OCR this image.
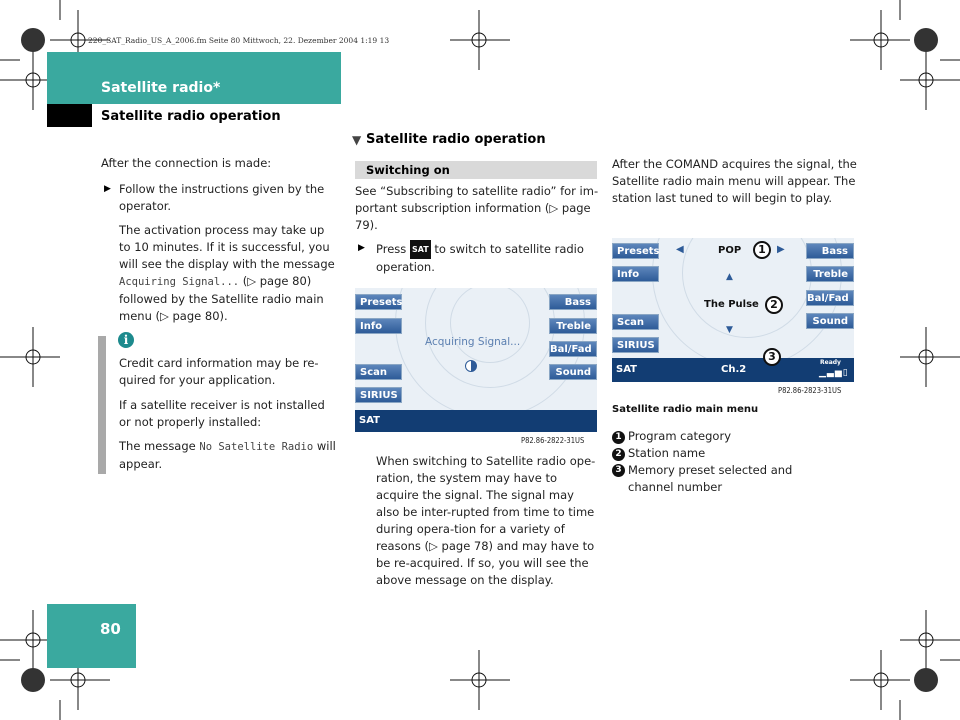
220_SAT_Radio_US_A_2006.fm Seite 80 Mittwoch, 22. Dezember 2004 1:19 13
Satellite radio*
Satellite radio operation
After the connection is made:
▶ Follow the instructions given by the operator.
The activation process may take up to 10 minutes. If it is successful, you will see the display with the message Acquiring Signal... (▷ page 80) followed by the Satellite radio main menu (▷ page 80).
i
Credit card information may be re-quired for your application.
If a satellite receiver is not installed or not properly installed:
The message No Satellite Radio will appear.
▼ Satellite radio operation
Switching on
See “Subscribing to satellite radio” for im-portant subscription information (▷ page 79).
▶ Press SAT to switch to satellite radio operation.
Presets
Info
Scan
SIRIUS
Bass
Treble
Bal/Fad
Sound
Acquiring Signal...
SAT
P82.86-2822-31US
When switching to Satellite radio ope-ration, the system may have to acquire the signal. The signal may also be inter-rupted from time to time during opera-tion for a variety of reasons (▷ page 78) and may have to be re-acquired. If so, you will see the above message on the display.
After the COMAND acquires the signal, the Satellite radio main menu will appear. The station last tuned to will begin to play.
Presets
Info
Scan
SIRIUS
Bass
Treble
Bal/Fad
Sound
◀	POP	▶
▲
The Pulse
▼
1
2
3
SAT	Ch.2
Ready
▁▃▅▯
P82.86-2823-31US
Satellite radio main menu
1 Program category
2 Station name
3 Memory preset selected and channel number
80
